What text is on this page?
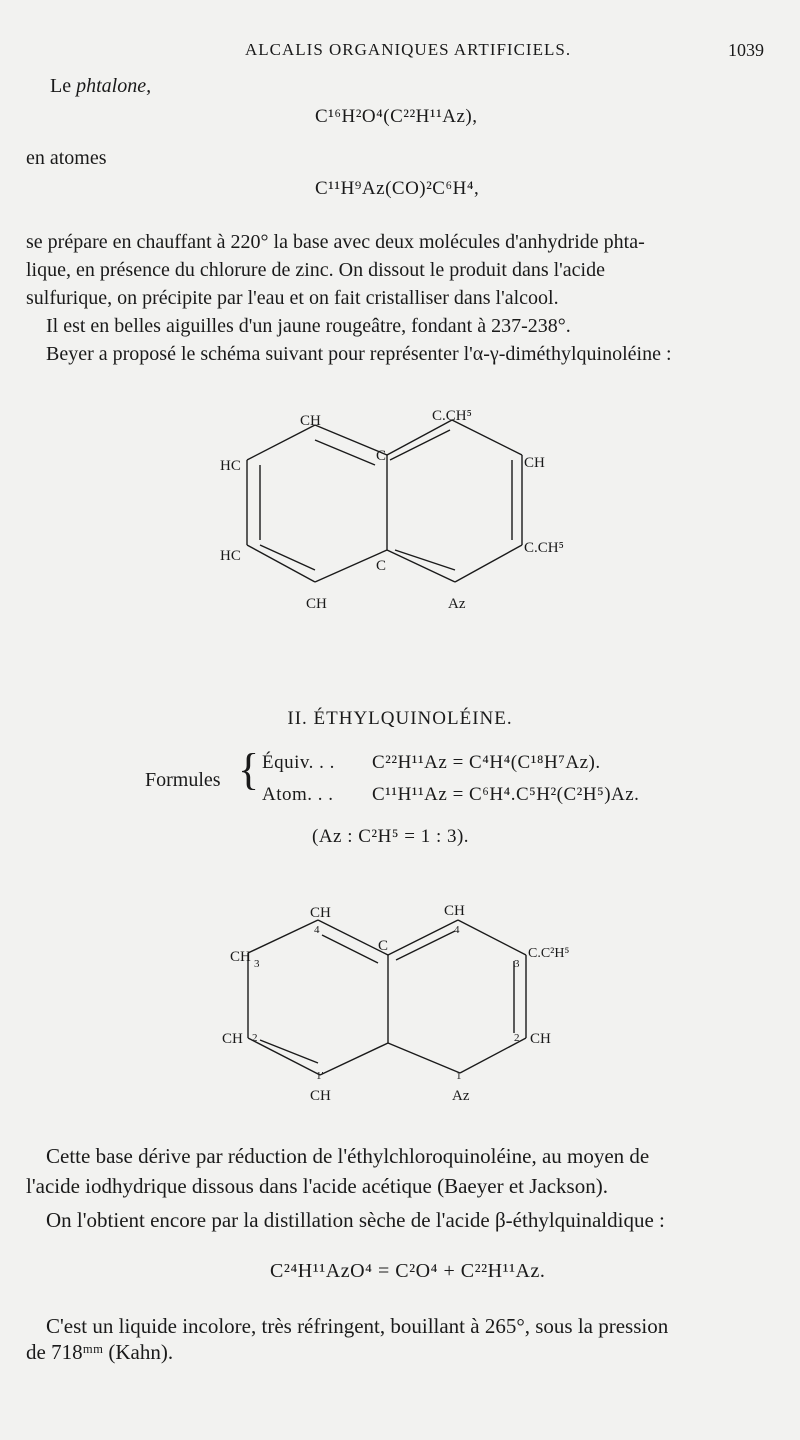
ALCALIS ORGANIQUES ARTIFICIELS.	1039
Le phtalone,
C¹⁶H²O⁴(C²²H¹¹Az),
en atomes
C¹¹H⁹Az(CO)²C⁶H⁴,
se prépare en chauffant à 220° la base avec deux molécules d'anhydride phta-
lique, en présence du chlorure de zinc. On dissout le produit dans l'acide
sulfurique, on précipite par l'eau et on fait cristalliser dans l'alcool.
Il est en belles aiguilles d'un jaune rougeâtre, fondant à 237-238°.
Beyer a proposé le schéma suivant pour représenter l'α-γ-diméthylquinoléine :
CH	C.CH⁵
HC
C	CH
HC
C
C.CH⁵
CH	Az
II. ÉTHYLQUINOLÉINE.
Formules { Équiv. . . C²²H¹¹Az = C⁴H⁴(C¹⁸H⁷Az).
Atom. . . C¹¹H¹¹Az = C⁶H⁴.C⁵H²(C²H⁵)Az.
(Az : C²H⁵ = 1 : 3).
CH
4
CH
4
CH 3
C
3
C.C²H⁵
CH 2	2 CH
1'
CH
1
Az
Cette base dérive par réduction de l'éthylchloroquinoléine, au moyen de
l'acide iodhydrique dissous dans l'acide acétique (Baeyer et Jackson).
On l'obtient encore par la distillation sèche de l'acide β-éthylquinaldique :
C²⁴H¹¹AzO⁴ = C²O⁴ + C²²H¹¹Az.
C'est un liquide incolore, très réfringent, bouillant à 265°, sous la pression
de 718ᵐᵐ (Kahn).
